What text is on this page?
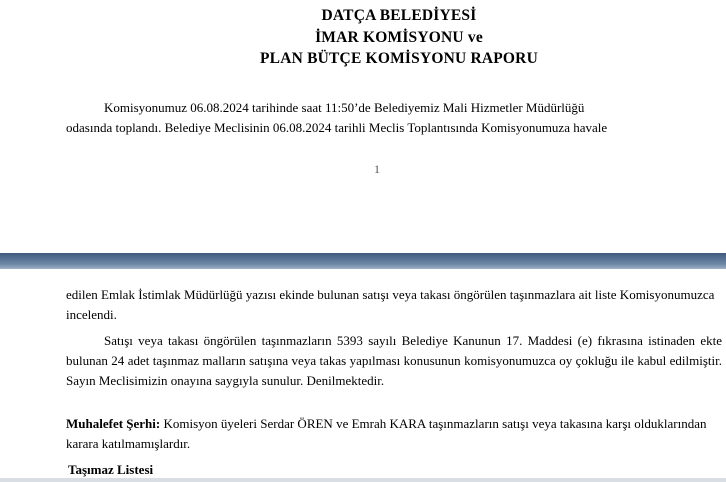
DATÇA BELEDİYESİ
İMAR KOMİSYONU ve
PLAN BÜTÇE KOMİSYONU RAPORU
Komisyonumuz 06.08.2024 tarihinde saat 11:50’de Belediyemiz Mali Hizmetler Müdürlüğü
odasında toplandı. Belediye Meclisinin 06.08.2024 tarihli Meclis Toplantısında Komisyonumuza havale
1
edilen Emlak İstimlak Müdürlüğü yazısı ekinde bulunan satışı veya takası öngörülen taşınmazlara ait liste Komisyonumuzca incelendi.
Satışı veya takası öngörülen taşınmazların 5393 sayılı Belediye Kanunun 17. Maddesi (e) fıkrasına istinaden ekte bulunan 24 adet taşınmaz malların satışına veya takas yapılması konusunun komisyonumuzca oy çokluğu ile kabul edilmiştir. Sayın Meclisimizin onayına saygıyla sunulur. Denilmektedir.
Muhalefet Şerhi: Komisyon üyeleri Serdar ÖREN ve Emrah KARA taşınmazların satışı veya takasına karşı olduklarından karara katılmamışlardır.
Taşımaz Listesi
